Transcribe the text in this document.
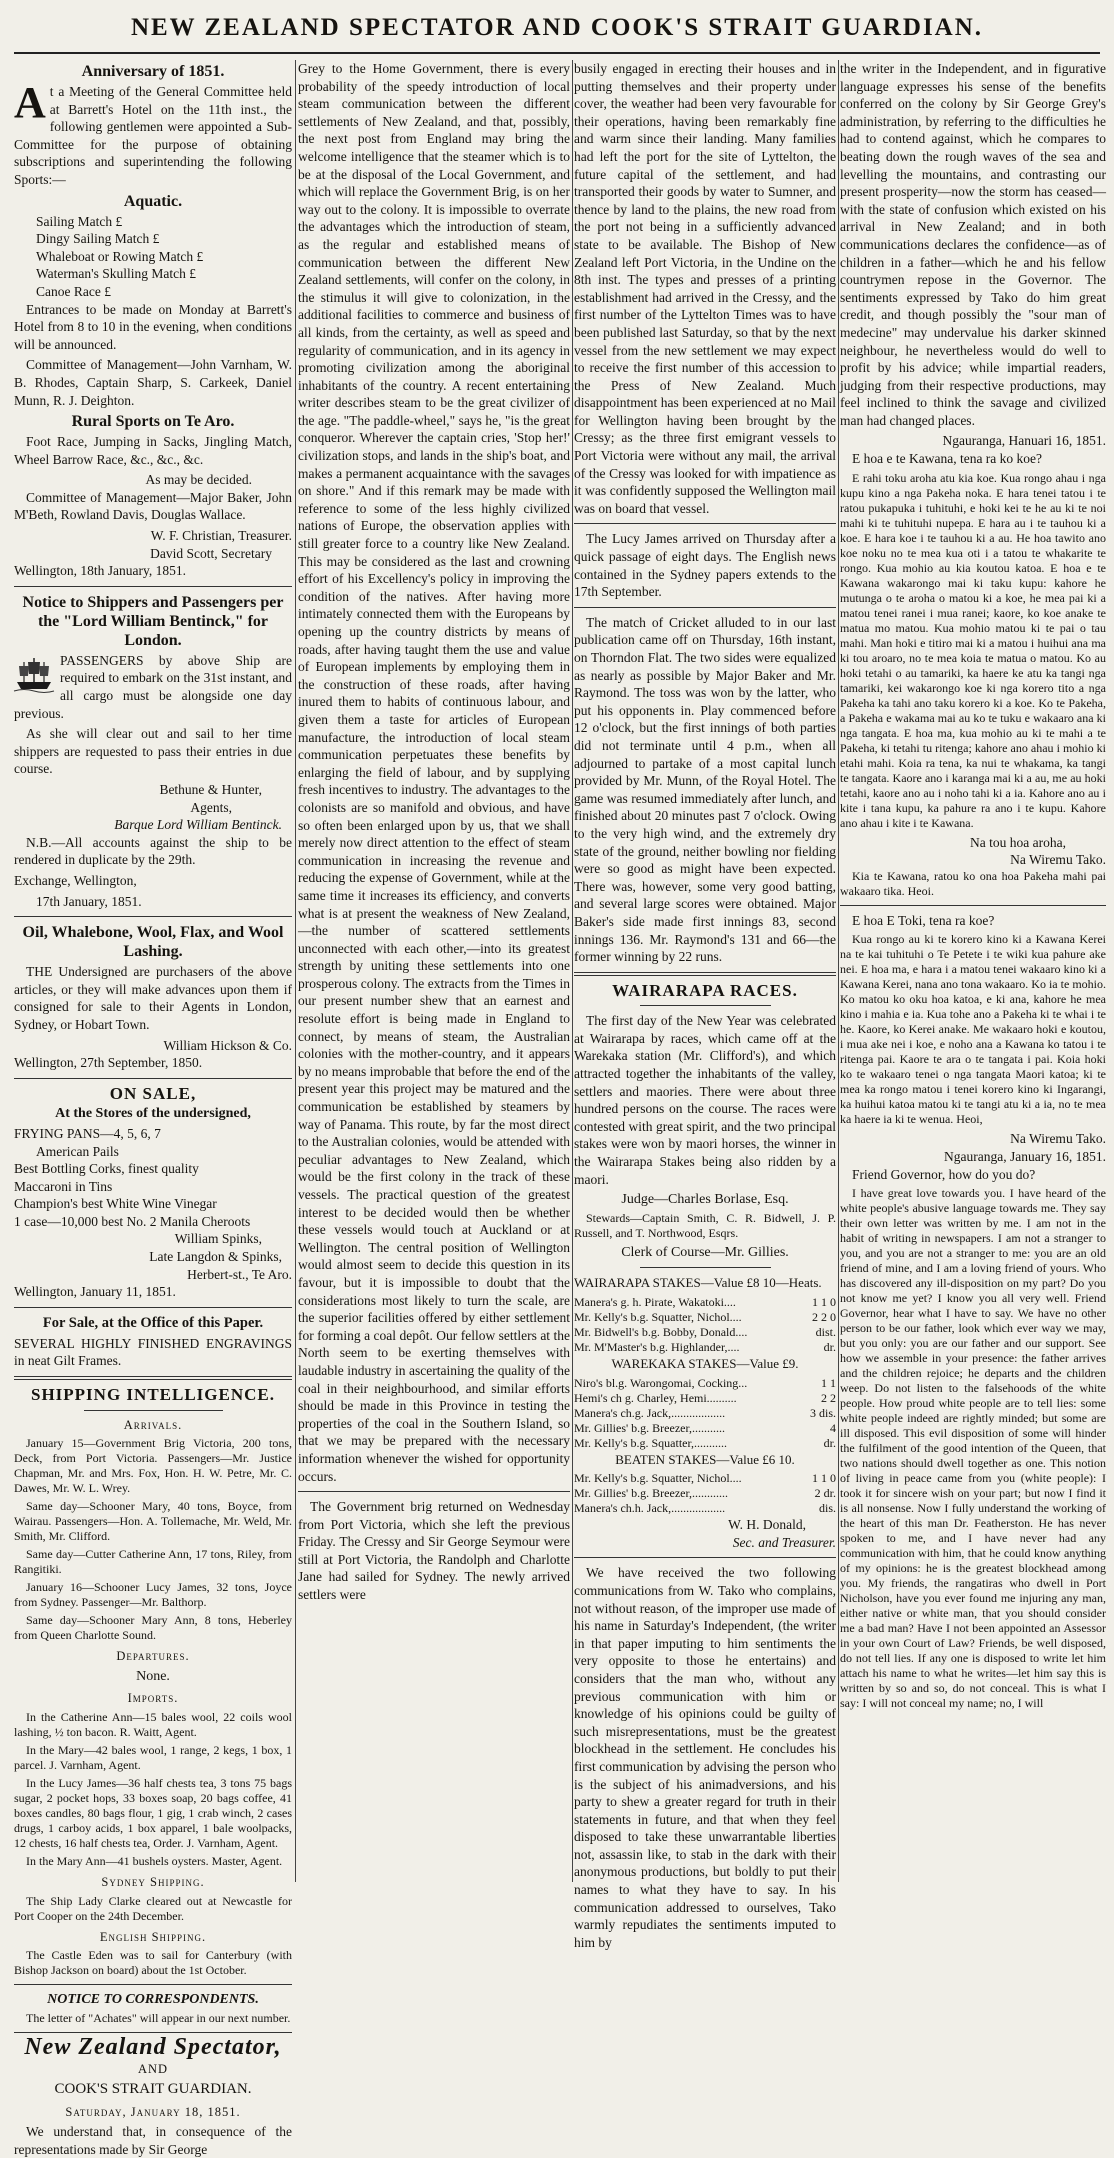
NEW ZEALAND SPECTATOR AND COOK'S STRAIT GUARDIAN.
Anniversary of 1851.
At a Meeting of the General Committee held at Barrett's Hotel on the 11th inst., the following gentlemen were appointed a Sub-Committee for the purpose of obtaining subscriptions and superintending the following Sports:—
Aquatic.
Sailing Match £
Dingy Sailing Match £
Whaleboat or Rowing Match £
Waterman's Skulling Match £
Canoe Race £
Entrances to be made on Monday at Barrett's Hotel from 8 to 10 in the evening, when conditions will be announced.
Committee of Management—John Varnham, W. B. Rhodes, Captain Sharp, S. Carkeek, Daniel Munn, R. J. Deighton.
Rural Sports on Te Aro.
Foot Race, Jumping in Sacks, Jingling Match, Wheel Barrow Race, &c., &c., &c.
As may be decided.
Committee of Management—Major Baker, John M'Beth, Rowland Davis, Douglas Wallace.
W. F. Christian, Treasurer.
David Scott, Secretary
Wellington, 18th January, 1851.
Notice to Shippers and Passengers per the "Lord William Bentinck," for London.
PASSENGERS by above Ship are required to embark on the 31st instant, and all cargo must be alongside one day previous.
As she will clear out and sail to her time shippers are requested to pass their entries in due course.
Bethune & Hunter,
Agents,
Barque Lord William Bentinck.
N.B.—All accounts against the ship to be rendered in duplicate by the 29th.
Exchange, Wellington,
17th January, 1851.
Oil, Whalebone, Wool, Flax, and Wool Lashing.
THE Undersigned are purchasers of the above articles, or they will make advances upon them if consigned for sale to their Agents in London, Sydney, or Hobart Town.
William Hickson & Co.
Wellington, 27th September, 1850.
ON SALE,
At the Stores of the undersigned,
FRYING PANS—4, 5, 6, 7
American Pails
Best Bottling Corks, finest quality
Maccaroni in Tins
Champion's best White Wine Vinegar
1 case—10,000 best No. 2 Manila Cheroots
William Spinks,
Late Langdon & Spinks,
Herbert-st., Te Aro.
Wellington, January 11, 1851.
For Sale, at the Office of this Paper.
SEVERAL HIGHLY FINISHED ENGRAVINGS in neat Gilt Frames.
SHIPPING INTELLIGENCE.
Arrivals.
January 15—Government Brig Victoria, 200 tons, Deck, from Port Victoria. Passengers—Mr. Justice Chapman, Mr. and Mrs. Fox, Hon. H. W. Petre, Mr. C. Dawes, Mr. W. L. Wrey.
Same day—Schooner Mary, 40 tons, Boyce, from Wairau. Passengers—Hon. A. Tollemache, Mr. Weld, Mr. Smith, Mr. Clifford.
Same day—Cutter Catherine Ann, 17 tons, Riley, from Rangitiki.
January 16—Schooner Lucy James, 32 tons, Joyce from Sydney. Passenger—Mr. Balthorp.
Same day—Schooner Mary Ann, 8 tons, Heberley from Queen Charlotte Sound.
Departures.
None.
Imports.
In the Catherine Ann—15 bales wool, 22 coils wool lashing, ½ ton bacon. R. Waitt, Agent.
In the Mary—42 bales wool, 1 range, 2 kegs, 1 box, 1 parcel. J. Varnham, Agent.
In the Lucy James—36 half chests tea, 3 tons 75 bags sugar, 2 pocket hops, 33 boxes soap, 20 bags coffee, 41 boxes candles, 80 bags flour, 1 gig, 1 crab winch, 2 cases drugs, 1 carboy acids, 1 box apparel, 1 bale woolpacks, 12 chests, 16 half chests tea, Order. J. Varnham, Agent.
In the Mary Ann—41 bushels oysters. Master, Agent.
Sydney Shipping.
The Ship Lady Clarke cleared out at Newcastle for Port Cooper on the 24th December.
English Shipping.
The Castle Eden was to sail for Canterbury (with Bishop Jackson on board) about the 1st October.
NOTICE TO CORRESPONDENTS.
The letter of "Achates" will appear in our next number.
New Zealand Spectator,
AND
COOK'S STRAIT GUARDIAN.
Saturday, January 18, 1851.
We understand that, in consequence of the representations made by Sir George
Grey to the Home Government, there is every probability of the speedy introduction of local steam communication between the different settlements of New Zealand, and that, possibly, the next post from England may bring the welcome intelligence that the steamer which is to be at the disposal of the Local Government, and which will replace the Government Brig, is on her way out to the colony. It is impossible to overrate the advantages which the introduction of steam, as the regular and established means of communication between the different New Zealand settlements, will confer on the colony, in the stimulus it will give to colonization, in the additional facilities to commerce and business of all kinds, from the certainty, as well as speed and regularity of communication, and in its agency in promoting civilization among the aboriginal inhabitants of the country. A recent entertaining writer describes steam to be the great civilizer of the age. "The paddle-wheel," says he, "is the great conqueror. Wherever the captain cries, 'Stop her!' civilization stops, and lands in the ship's boat, and makes a permanent acquaintance with the savages on shore." And if this remark may be made with reference to some of the less highly civilized nations of Europe, the observation applies with still greater force to a country like New Zealand. This may be considered as the last and crowning effort of his Excellency's policy in improving the condition of the natives. After having more intimately connected them with the Europeans by opening up the country districts by means of roads, after having taught them the use and value of European implements by employing them in the construction of these roads, after having inured them to habits of continuous labour, and given them a taste for articles of European manufacture, the introduction of local steam communication perpetuates these benefits by enlarging the field of labour, and by supplying fresh incentives to industry. The advantages to the colonists are so manifold and obvious, and have so often been enlarged upon by us, that we shall merely now direct attention to the effect of steam communication in increasing the revenue and reducing the expense of Government, while at the same time it increases its efficiency, and converts what is at present the weakness of New Zealand,—the number of scattered settlements unconnected with each other,—into its greatest strength by uniting these settlements into one prosperous colony. The extracts from the Times in our present number shew that an earnest and resolute effort is being made in England to connect, by means of steam, the Australian colonies with the mother-country, and it appears by no means improbable that before the end of the present year this project may be matured and the communication be established by steamers by way of Panama. This route, by far the most direct to the Australian colonies, would be attended with peculiar advantages to New Zealand, which would be the first colony in the track of these vessels. The practical question of the greatest interest to be decided would then be whether these vessels would touch at Auckland or at Wellington. The central position of Wellington would almost seem to decide this question in its favour, but it is impossible to doubt that the considerations most likely to turn the scale, are the superior facilities offered by either settlement for forming a coal depôt. Our fellow settlers at the North seem to be exerting themselves with laudable industry in ascertaining the quality of the coal in their neighbourhood, and similar efforts should be made in this Province in testing the properties of the coal in the Southern Island, so that we may be prepared with the necessary information whenever the wished for opportunity occurs.
The Government brig returned on Wednesday from Port Victoria, which she left the previous Friday. The Cressy and Sir George Seymour were still at Port Victoria, the Randolph and Charlotte Jane had sailed for Sydney. The newly arrived settlers were
busily engaged in erecting their houses and in putting themselves and their property under cover, the weather had been very favourable for their operations, having been remarkably fine and warm since their landing. Many families had left the port for the site of Lyttelton, the future capital of the settlement, and had transported their goods by water to Sumner, and thence by land to the plains, the new road from the port not being in a sufficiently advanced state to be available. The Bishop of New Zealand left Port Victoria, in the Undine on the 8th inst. The types and presses of a printing establishment had arrived in the Cressy, and the first number of the Lyttelton Times was to have been published last Saturday, so that by the next vessel from the new settlement we may expect to receive the first number of this accession to the Press of New Zealand. Much disappointment has been experienced at no Mail for Wellington having been brought by the Cressy; as the three first emigrant vessels to Port Victoria were without any mail, the arrival of the Cressy was looked for with impatience as it was confidently supposed the Wellington mail was on board that vessel.
The Lucy James arrived on Thursday after a quick passage of eight days. The English news contained in the Sydney papers extends to the 17th September.
The match of Cricket alluded to in our last publication came off on Thursday, 16th instant, on Thorndon Flat. The two sides were equalized as nearly as possible by Major Baker and Mr. Raymond. The toss was won by the latter, who put his opponents in. Play commenced before 12 o'clock, but the first innings of both parties did not terminate until 4 p.m., when all adjourned to partake of a most capital lunch provided by Mr. Munn, of the Royal Hotel. The game was resumed immediately after lunch, and finished about 20 minutes past 7 o'clock. Owing to the very high wind, and the extremely dry state of the ground, neither bowling nor fielding were so good as might have been expected. There was, however, some very good batting, and several large scores were obtained. Major Baker's side made first innings 83, second innings 136. Mr. Raymond's 131 and 66—the former winning by 22 runs.
WAIRARAPA RACES.
The first day of the New Year was celebrated at Wairarapa by races, which came off at the Warekaka station (Mr. Clifford's), and which attracted together the inhabitants of the valley, settlers and maories. There were about three hundred persons on the course. The races were contested with great spirit, and the two principal stakes were won by maori horses, the winner in the Wairarapa Stakes being also ridden by a maori.
Judge—Charles Borlase, Esq.
Stewards—Captain Smith, C. R. Bidwell, J. P. Russell, and T. Northwood, Esqrs.
Clerk of Course—Mr. Gillies.
WAIRARAPA STAKES—Value £8 10—Heats.
Manera's g. h. Pirate, Wakatoki....	1 1 0
Mr. Kelly's b.g. Squatter, Nichol....	2 2 0
Mr. Bidwell's b.g. Bobby, Donald....	dist.
Mr. M'Master's b.g. Highlander,....	dr.
WAREKAKA STAKES—Value £9.
Niro's bl.g. Warongomai, Cocking...	1 1
Hemi's ch g. Charley, Hemi..........	2 2
Manera's ch.g. Jack,..................	3 dis.
Mr. Gillies' b.g. Breezer,...........	4
Mr. Kelly's b.g. Squatter,...........	dr.
BEATEN STAKES—Value £6 10.
Mr. Kelly's b.g. Squatter, Nichol....	1 1 0
Mr. Gillies' b.g. Breezer,............	2 dr.
Manera's ch.h. Jack,..................	dis.
W. H. Donald,
Sec. and Treasurer.
We have received the two following communications from W. Tako who complains, not without reason, of the improper use made of his name in Saturday's Independent, (the writer in that paper imputing to him sentiments the very opposite to those he entertains) and considers that the man who, without any previous communication with him or knowledge of his opinions could be guilty of such misrepresentations, must be the greatest blockhead in the settlement. He concludes his first communication by advising the person who is the subject of his animadversions, and his party to shew a greater regard for truth in their statements in future, and that when they feel disposed to take these unwarrantable liberties not, assassin like, to stab in the dark with their anonymous productions, but boldly to put their names to what they have to say. In his communication addressed to ourselves, Tako warmly repudiates the sentiments imputed to him by
the writer in the Independent, and in figurative language expresses his sense of the benefits conferred on the colony by Sir George Grey's administration, by referring to the difficulties he had to contend against, which he compares to beating down the rough waves of the sea and levelling the mountains, and contrasting our present prosperity—now the storm has ceased—with the state of confusion which existed on his arrival in New Zealand; and in both communications declares the confidence—as of children in a father—which he and his fellow countrymen repose in the Governor. The sentiments expressed by Tako do him great credit, and though possibly the "sour man of medecine" may undervalue his darker skinned neighbour, he nevertheless would do well to profit by his advice; while impartial readers, judging from their respective productions, may feel inclined to think the savage and civilized man had changed places.
Ngauranga, Hanuari 16, 1851.
E hoa e te Kawana, tena ra ko koe?
E rahi toku aroha atu kia koe. Kua rongo ahau i nga kupu kino a nga Pakeha noka. E hara tenei tatou i te ratou pukapuka i tuhituhi, e hoki kei te he au ki te noi mahi ki te tuhituhi nupepa. E hara au i te tauhou ki a koe. E hara koe i te tauhou ki a au. He hoa tawito ano koe noku no te mea kua oti i a tatou te whakarite te rongo. Kua mohio au kia koutou katoa. E hoa e te Kawana wakarongo mai ki taku kupu: kahore he mutunga o te aroha o matou ki a koe, he mea pai ki a matou tenei ranei i mua ranei; kaore, ko koe anake te matua mo matou. Kua mohio matou ki te pai o tau mahi. Man hoki e titiro mai ki a matou i huihui ana ma ki tou aroaro, no te mea koia te matua o matou. Ko au hoki tetahi o au tamariki, ka haere ke atu ka tangi nga tamariki, kei wakarongo koe ki nga korero tito a nga Pakeha ka tahi ano taku korero ki a koe. Ko te Pakeha, a Pakeha e wakama mai au ko te tuku e wakaaro ana ki nga tangata. E hoa ma, kua mohio au ki te mahi a te Pakeha, ki tetahi tu ritenga; kahore ano ahau i mohio ki etahi mahi. Koia ra tena, ka nui te whakama, ka tangi te tangata. Kaore ano i karanga mai ki a au, me au hoki tetahi, kaore ano au i noho tahi ki a ia. Kahore ano au i kite i tana kupu, ka pahure ra ano i te kupu. Kahore ano ahau i kite i te Kawana.
Na tou hoa aroha,
Na Wiremu Tako.
Kia te Kawana, ratou ko ona hoa Pakeha mahi pai wakaaro tika. Heoi.
E hoa E Toki, tena ra koe?
Kua rongo au ki te korero kino ki a Kawana Kerei na te kai tuhituhi o Te Petete i te wiki kua pahure ake nei. E hoa ma, e hara i a matou tenei wakaaro kino ki a Kawana Kerei, nana ano tona wakaaro. Ko ia te mohio. Ko matou ko oku hoa katoa, e ki ana, kahore he mea kino i mahia e ia. Kua tohe ano a Pakeha ki te whai i te he. Kaore, ko Kerei anake. Me wakaaro hoki e koutou, i mua ake nei i koe, e noho ana a Kawana ko tatou i te ritenga pai. Kaore te ara o te tangata i pai. Koia hoki ko te wakaaro tenei o nga tangata Maori katoa; ki te mea ka rongo matou i tenei korero kino ki Ingarangi, ka huihui katoa matou ki te tangi atu ki a ia, no te mea ka haere ia ki te wenua. Heoi,
Na Wiremu Tako.
Ngauranga, January 16, 1851.
Friend Governor, how do you do?
I have great love towards you. I have heard of the white people's abusive language towards me. They say their own letter was written by me. I am not in the habit of writing in newspapers. I am not a stranger to you, and you are not a stranger to me: you are an old friend of mine, and I am a loving friend of yours. Who has discovered any ill-disposition on my part? Do you not know me yet? I know you all very well. Friend Governor, hear what I have to say. We have no other person to be our father, look which ever way we may, but you only: you are our father and our support. See how we assemble in your presence: the father arrives and the children rejoice; he departs and the children weep. Do not listen to the falsehoods of the white people. How proud white people are to tell lies: some white people indeed are rightly minded; but some are ill disposed. This evil disposition of some will hinder the fulfilment of the good intention of the Queen, that two nations should dwell together as one. This notion of living in peace came from you (white people): I took it for sincere wish on your part; but now I find it is all nonsense. Now I fully understand the working of the heart of this man Dr. Featherston. He has never spoken to me, and I have never had any communication with him, that he could know anything of my opinions: he is the greatest blockhead among you. My friends, the rangatiras who dwell in Port Nicholson, have you ever found me injuring any man, either native or white man, that you should consider me a bad man? Have I not been appointed an Assessor in your own Court of Law? Friends, be well disposed, do not tell lies. If any one is disposed to write let him attach his name to what he writes—let him say this is written by so and so, do not conceal. This is what I say: I will not conceal my name; no, I will
